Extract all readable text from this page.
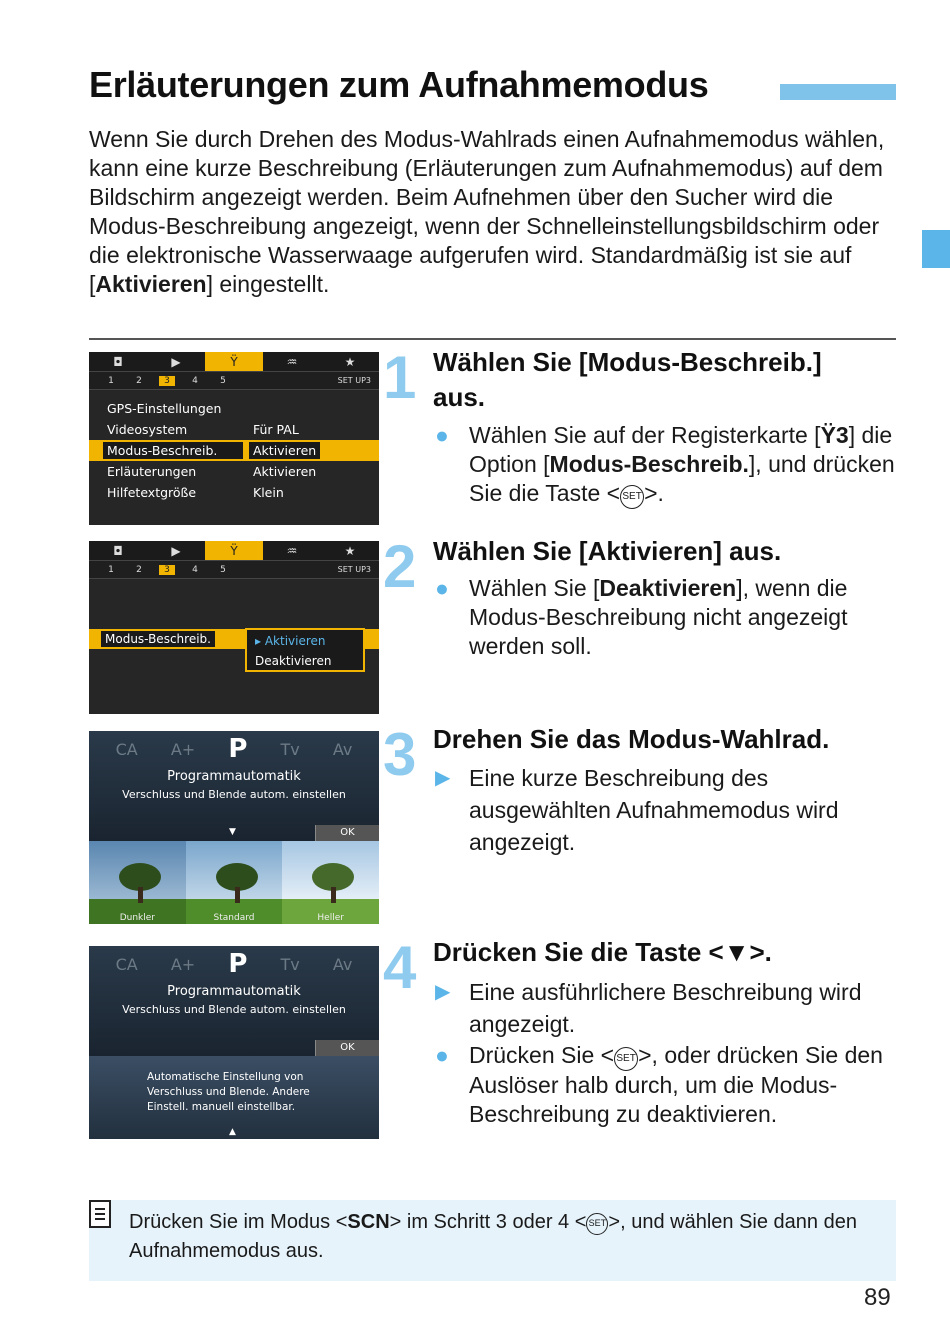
Erläuterungen zum Aufnahmemodus
Wenn Sie durch Drehen des Modus-Wahlrads einen Aufnahmemodus wählen, kann eine kurze Beschreibung (Erläuterungen zum Aufnahmemodus) auf dem Bildschirm angezeigt werden. Beim Aufnehmen über den Sucher wird die Modus-Beschreibung angezeigt, wenn der Schnelleinstellungsbildschirm oder die elektronische Wasserwaage aufgerufen wird. Standardmäßig ist sie auf [Aktivieren] eingestellt.
◘	▶	Ÿ	♒	★
1	2	3	4	5	SET UP3
GPS-Einstellungen
Videosystem	Für PAL
Modus-Beschreib.	Aktivieren
Erläuterungen	Aktivieren
Hilfetextgröße	Klein
◘	▶	Ÿ	♒	★
1	2	3	4	5	SET UP3
Modus-Beschreib.	▸ Aktivieren
Deaktivieren
CA A+ P Tv Av
Programmautomatik
Verschluss und Blende autom. einstellen
▼	OK
Dunkler	Standard	Heller
CA A+ P Tv Av
Programmautomatik
Verschluss und Blende autom. einstellen
OK
Automatische Einstellung von
Verschluss und Blende. Andere
Einstell. manuell einstellbar.
▲
1 Wählen Sie [Modus-Beschreib.]
aus.
● Wählen Sie auf der Registerkarte [Ÿ3] die Option [Modus-Beschreib.], und drücken Sie die Taste < SET>.
2 Wählen Sie [Aktivieren] aus.
● Wählen Sie [Deaktivieren], wenn die Modus-Beschreibung nicht angezeigt werden soll.
3 Drehen Sie das Modus-Wahlrad.
▶ Eine kurze Beschreibung des ausgewählten Aufnahmemodus wird angezeigt.
4 Drücken Sie die Taste <▼>.
▶ Eine ausführlichere Beschreibung wird angezeigt.
● Drücken Sie < SET>, oder drücken Sie den Auslöser halb durch, um die Modus-Beschreibung zu deaktivieren.
Drücken Sie im Modus <SCN> im Schritt 3 oder 4 < SET >, und wählen Sie dann den Aufnahmemodus aus.
89
